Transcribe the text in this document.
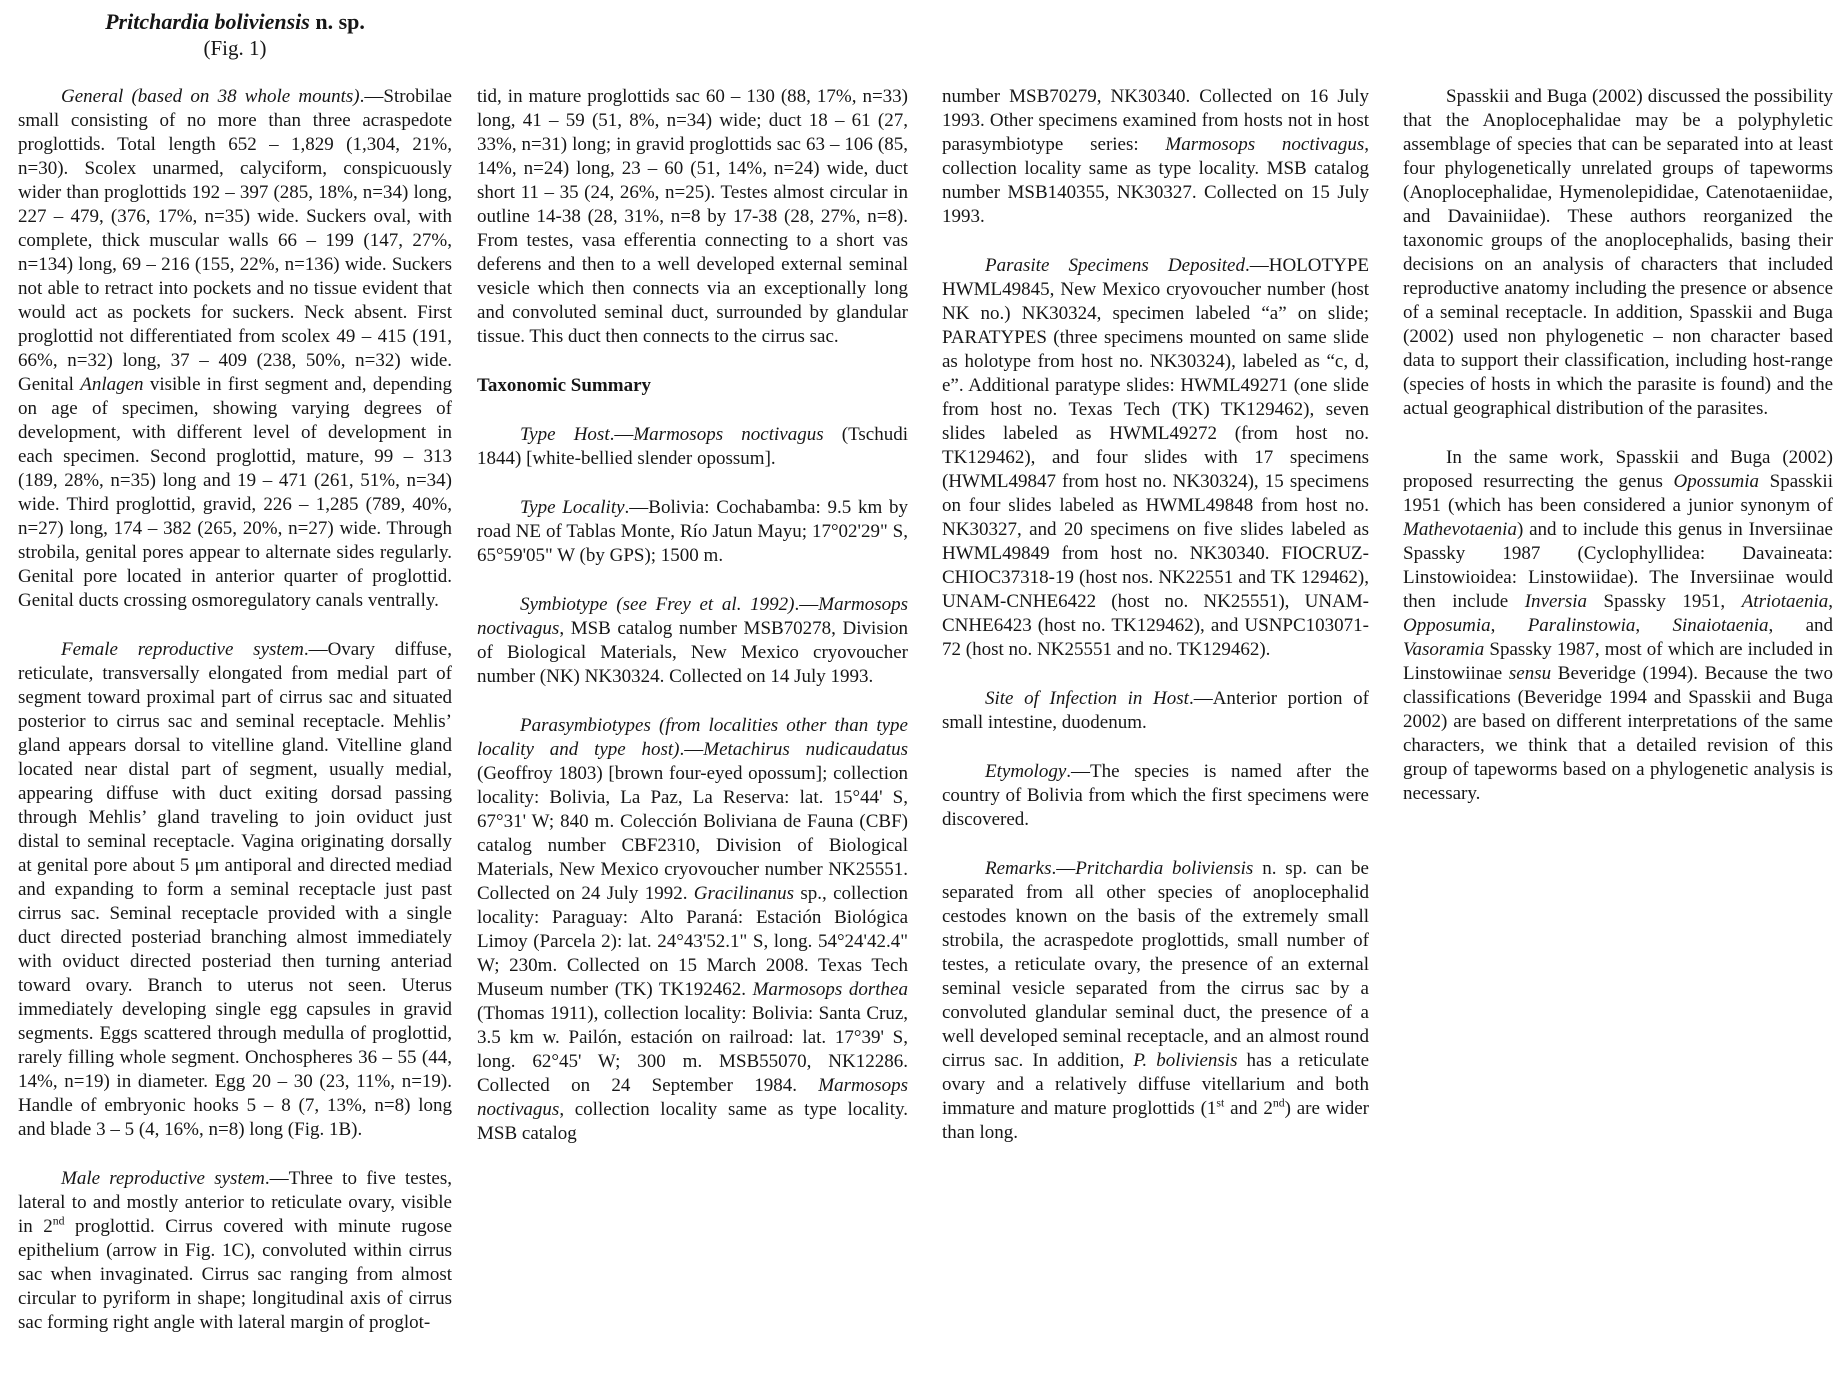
Pritchardia boliviensis n. sp.
(Fig. 1)
General (based on 38 whole mounts).—Strobilae small consisting of no more than three acraspedote proglottids. Total length 652 – 1,829 (1,304, 21%, n=30). Scolex unarmed, calyciform, conspicuously wider than proglottids 192 – 397 (285, 18%, n=34) long, 227 – 479, (376, 17%, n=35) wide. Suckers oval, with complete, thick muscular walls 66 – 199 (147, 27%, n=134) long, 69 – 216 (155, 22%, n=136) wide. Suckers not able to retract into pockets and no tissue evident that would act as pockets for suckers. Neck absent. First proglottid not differentiated from scolex 49 – 415 (191, 66%, n=32) long, 37 – 409 (238, 50%, n=32) wide. Genital Anlagen visible in first segment and, depending on age of specimen, showing varying degrees of development, with different level of development in each specimen. Second proglottid, mature, 99 – 313 (189, 28%, n=35) long and 19 – 471 (261, 51%, n=34) wide. Third proglottid, gravid, 226 – 1,285 (789, 40%, n=27) long, 174 – 382 (265, 20%, n=27) wide. Through strobila, genital pores appear to alternate sides regularly. Genital pore located in anterior quarter of proglottid. Genital ducts crossing osmoregulatory canals ventrally.
Female reproductive system.—Ovary diffuse, reticulate, transversally elongated from medial part of segment toward proximal part of cirrus sac and situated posterior to cirrus sac and seminal receptacle. Mehlis’ gland appears dorsal to vitelline gland. Vitelline gland located near distal part of segment, usually medial, appearing diffuse with duct exiting dorsad passing through Mehlis’ gland traveling to join oviduct just distal to seminal receptacle. Vagina originating dorsally at genital pore about 5 μm antiporal and directed mediad and expanding to form a seminal receptacle just past cirrus sac. Seminal receptacle provided with a single duct directed posteriad branching almost immediately with oviduct directed posteriad then turning anteriad toward ovary. Branch to uterus not seen. Uterus immediately developing single egg capsules in gravid segments. Eggs scattered through medulla of proglottid, rarely filling whole segment. Onchospheres 36 – 55 (44, 14%, n=19) in diameter. Egg 20 – 30 (23, 11%, n=19). Handle of embryonic hooks 5 – 8 (7, 13%, n=8) long and blade 3 – 5 (4, 16%, n=8) long (Fig. 1B).
Male reproductive system.—Three to five testes, lateral to and mostly anterior to reticulate ovary, visible in 2nd proglottid. Cirrus covered with minute rugose epithelium (arrow in Fig. 1C), convoluted within cirrus sac when invaginated. Cirrus sac ranging from almost circular to pyriform in shape; longitudinal axis of cirrus sac forming right angle with lateral margin of proglot-
tid, in mature proglottids sac 60 – 130 (88, 17%, n=33) long, 41 – 59 (51, 8%, n=34) wide; duct 18 – 61 (27, 33%, n=31) long; in gravid proglottids sac 63 – 106 (85, 14%, n=24) long, 23 – 60 (51, 14%, n=24) wide, duct short 11 – 35 (24, 26%, n=25). Testes almost circular in outline 14-38 (28, 31%, n=8 by 17-38 (28, 27%, n=8). From testes, vasa efferentia connecting to a short vas deferens and then to a well developed external seminal vesicle which then connects via an exceptionally long and convoluted seminal duct, surrounded by glandular tissue. This duct then connects to the cirrus sac.
Taxonomic Summary
Type Host.—Marmosops noctivagus (Tschudi 1844) [white-bellied slender opossum].
Type Locality.—Bolivia: Cochabamba: 9.5 km by road NE of Tablas Monte, Río Jatun Mayu; 17°02'29" S, 65°59'05" W (by GPS); 1500 m.
Symbiotype (see Frey et al. 1992).—Marmosops noctivagus, MSB catalog number MSB70278, Division of Biological Materials, New Mexico cryovoucher number (NK) NK30324. Collected on 14 July 1993.
Parasymbiotypes (from localities other than type locality and type host).—Metachirus nudicaudatus (Geoffroy 1803) [brown four-eyed opossum]; collection locality: Bolivia, La Paz, La Reserva: lat. 15°44' S, 67°31' W; 840 m. Colección Boliviana de Fauna (CBF) catalog number CBF2310, Division of Biological Materials, New Mexico cryovoucher number NK25551. Collected on 24 July 1992. Gracilinanus sp., collection locality: Paraguay: Alto Paraná: Estación Biológica Limoy (Parcela 2): lat. 24°43'52.1" S, long. 54°24'42.4" W; 230m. Collected on 15 March 2008. Texas Tech Museum number (TK) TK192462. Marmosops dorthea (Thomas 1911), collection locality: Bolivia: Santa Cruz, 3.5 km w. Pailón, estación on railroad: lat. 17°39' S, long. 62°45' W; 300 m. MSB55070, NK12286. Collected on 24 September 1984. Marmosops noctivagus, collection locality same as type locality. MSB catalog
number MSB70279, NK30340. Collected on 16 July 1993. Other specimens examined from hosts not in host parasymbiotype series: Marmosops noctivagus, collection locality same as type locality. MSB catalog number MSB140355, NK30327. Collected on 15 July 1993.
Parasite Specimens Deposited.—HOLOTYPE HWML49845, New Mexico cryovoucher number (host NK no.) NK30324, specimen labeled “a” on slide; PARATYPES (three specimens mounted on same slide as holotype from host no. NK30324), labeled as “c, d, e”. Additional paratype slides: HWML49271 (one slide from host no. Texas Tech (TK) TK129462), seven slides labeled as HWML49272 (from host no. TK129462), and four slides with 17 specimens (HWML49847 from host no. NK30324), 15 specimens on four slides labeled as HWML49848 from host no. NK30327, and 20 specimens on five slides labeled as HWML49849 from host no. NK30340. FIOCRUZ-CHIOC37318-19 (host nos. NK22551 and TK 129462), UNAM-CNHE6422 (host no. NK25551), UNAM-CNHE6423 (host no. TK129462), and USNPC103071-72 (host no. NK25551 and no. TK129462).
Site of Infection in Host.—Anterior portion of small intestine, duodenum.
Etymology.—The species is named after the country of Bolivia from which the first specimens were discovered.
Remarks.—Pritchardia boliviensis n. sp. can be separated from all other species of anoplocephalid cestodes known on the basis of the extremely small strobila, the acraspedote proglottids, small number of testes, a reticulate ovary, the presence of an external seminal vesicle separated from the cirrus sac by a convoluted glandular seminal duct, the presence of a well developed seminal receptacle, and an almost round cirrus sac. In addition, P. boliviensis has a reticulate ovary and a relatively diffuse vitellarium and both immature and mature proglottids (1st and 2nd) are wider than long.
Spasskii and Buga (2002) discussed the possibility that the Anoplocephalidae may be a polyphyletic assemblage of species that can be separated into at least four phylogenetically unrelated groups of tapeworms (Anoplocephalidae, Hymenolepididae, Catenotaeniidae, and Davainiidae). These authors reorganized the taxonomic groups of the anoplocephalids, basing their decisions on an analysis of characters that included reproductive anatomy including the presence or absence of a seminal receptacle. In addition, Spasskii and Buga (2002) used non phylogenetic – non character based data to support their classification, including host-range (species of hosts in which the parasite is found) and the actual geographical distribution of the parasites.
In the same work, Spasskii and Buga (2002) proposed resurrecting the genus Opossumia Spasskii 1951 (which has been considered a junior synonym of Mathevotaenia) and to include this genus in Inversiinae Spassky 1987 (Cyclophyllidea: Davaineata: Linstowioidea: Linstowiidae). The Inversiinae would then include Inversia Spassky 1951, Atriotaenia, Opposumia, Paralinstowia, Sinaiotaenia, and Vasoramia Spassky 1987, most of which are included in Linstowiinae sensu Beveridge (1994). Because the two classifications (Beveridge 1994 and Spasskii and Buga 2002) are based on different interpretations of the same characters, we think that a detailed revision of this group of tapeworms based on a phylogenetic analysis is necessary.
